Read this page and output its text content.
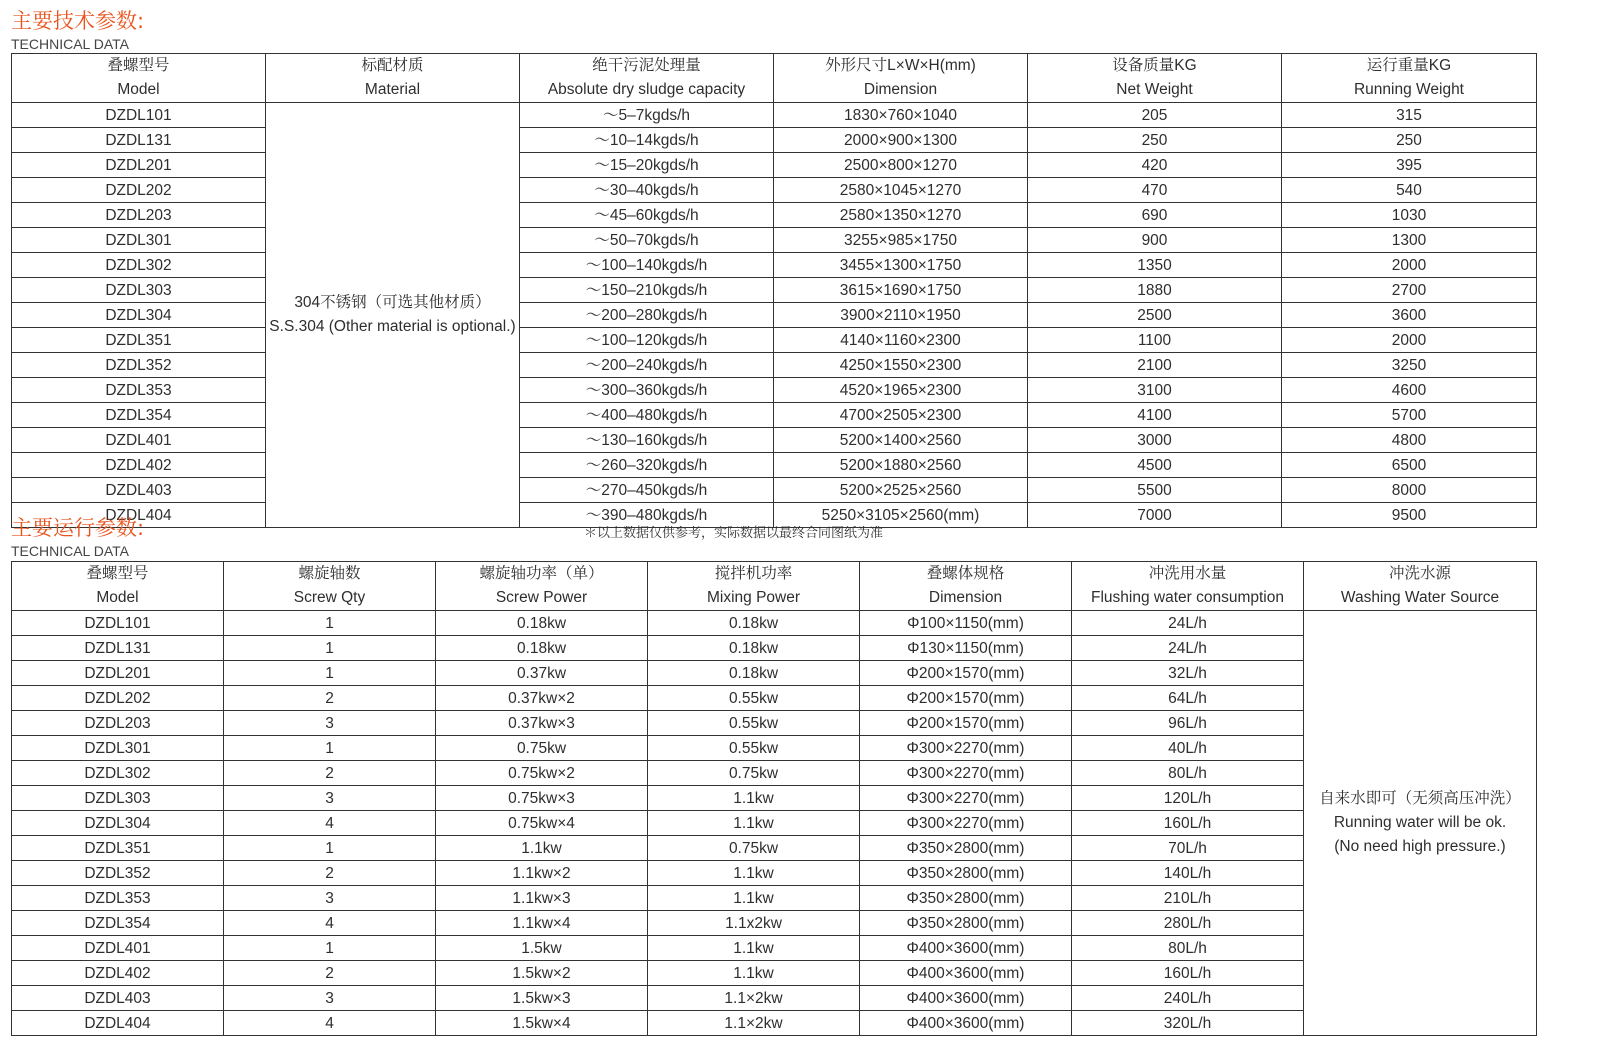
主要技术参数:
TECHNICAL DATA
叠螺型号
Model	标配材质
Material	绝干污泥处理量
Absolute dry sludge capacity	外形尺寸L×W×H(mm)
Dimension	设备质量KG
Net Weight	运行重量KG
Running Weight

DZDL101	304不锈钢（可选其他材质）
S.S.304 (Other material is optional.)	～5–7kgds/h	1830×760×1040	205	315
DZDL131		～10–14kgds/h	2000×900×1300	250	250
DZDL201		～15–20kgds/h	2500×800×1270	420	395
DZDL202		～30–40kgds/h	2580×1045×1270	470	540
DZDL203		～45–60kgds/h	2580×1350×1270	690	1030
DZDL301		～50–70kgds/h	3255×985×1750	900	1300
DZDL302		～100–140kgds/h	3455×1300×1750	1350	2000
DZDL303		～150–210kgds/h	3615×1690×1750	1880	2700
DZDL304		～200–280kgds/h	3900×2110×1950	2500	3600
DZDL351		～100–120kgds/h	4140×1160×2300	1100	2000
DZDL352		～200–240kgds/h	4250×1550×2300	2100	3250
DZDL353		～300–360kgds/h	4520×1965×2300	3100	4600
DZDL354		～400–480kgds/h	4700×2505×2300	4100	5700
DZDL401		～130–160kgds/h	5200×1400×2560	3000	4800
DZDL402		～260–320kgds/h	5200×1880×2560	4500	6500
DZDL403		～270–450kgds/h	5200×2525×2560	5500	8000
DZDL404		～390–480kgds/h	5250×3105×2560(mm)	7000	9500
主要运行参数:
TECHNICAL DATA
＊以上数据仅供参考，实际数据以最终合同图纸为准
叠螺型号
Model	螺旋轴数
Screw Qty	螺旋轴功率（单）
Screw Power	搅拌机功率
Mixing Power	叠螺体规格
Dimension	冲洗用水量
Flushing water consumption	冲洗水源
Washing Water Source

DZDL101	1	0.18kw	0.18kw	Φ100×1150(mm)	24L/h	自来水即可（无须高压冲洗）
Running water will be ok.
(No need high pressure.)

DZDL131	1	0.18kw	0.18kw	Φ130×1150(mm)	24L/h	
DZDL201	1	0.37kw	0.18kw	Φ200×1570(mm)	32L/h	
DZDL202	2	0.37kw×2	0.55kw	Φ200×1570(mm)	64L/h	
DZDL203	3	0.37kw×3	0.55kw	Φ200×1570(mm)	96L/h	
DZDL301	1	0.75kw	0.55kw	Φ300×2270(mm)	40L/h	
DZDL302	2	0.75kw×2	0.75kw	Φ300×2270(mm)	80L/h	
DZDL303	3	0.75kw×3	1.1kw	Φ300×2270(mm)	120L/h	
DZDL304	4	0.75kw×4	1.1kw	Φ300×2270(mm)	160L/h	
DZDL351	1	1.1kw	0.75kw	Φ350×2800(mm)	70L/h	
DZDL352	2	1.1kw×2	1.1kw	Φ350×2800(mm)	140L/h	
DZDL353	3	1.1kw×3	1.1kw	Φ350×2800(mm)	210L/h	
DZDL354	4	1.1kw×4	1.1x2kw	Φ350×2800(mm)	280L/h	
DZDL401	1	1.5kw	1.1kw	Φ400×3600(mm)	80L/h	
DZDL402	2	1.5kw×2	1.1kw	Φ400×3600(mm)	160L/h	
DZDL403	3	1.5kw×3	1.1×2kw	Φ400×3600(mm)	240L/h	
DZDL404	4	1.5kw×4	1.1×2kw	Φ400×3600(mm)	320L/h	
